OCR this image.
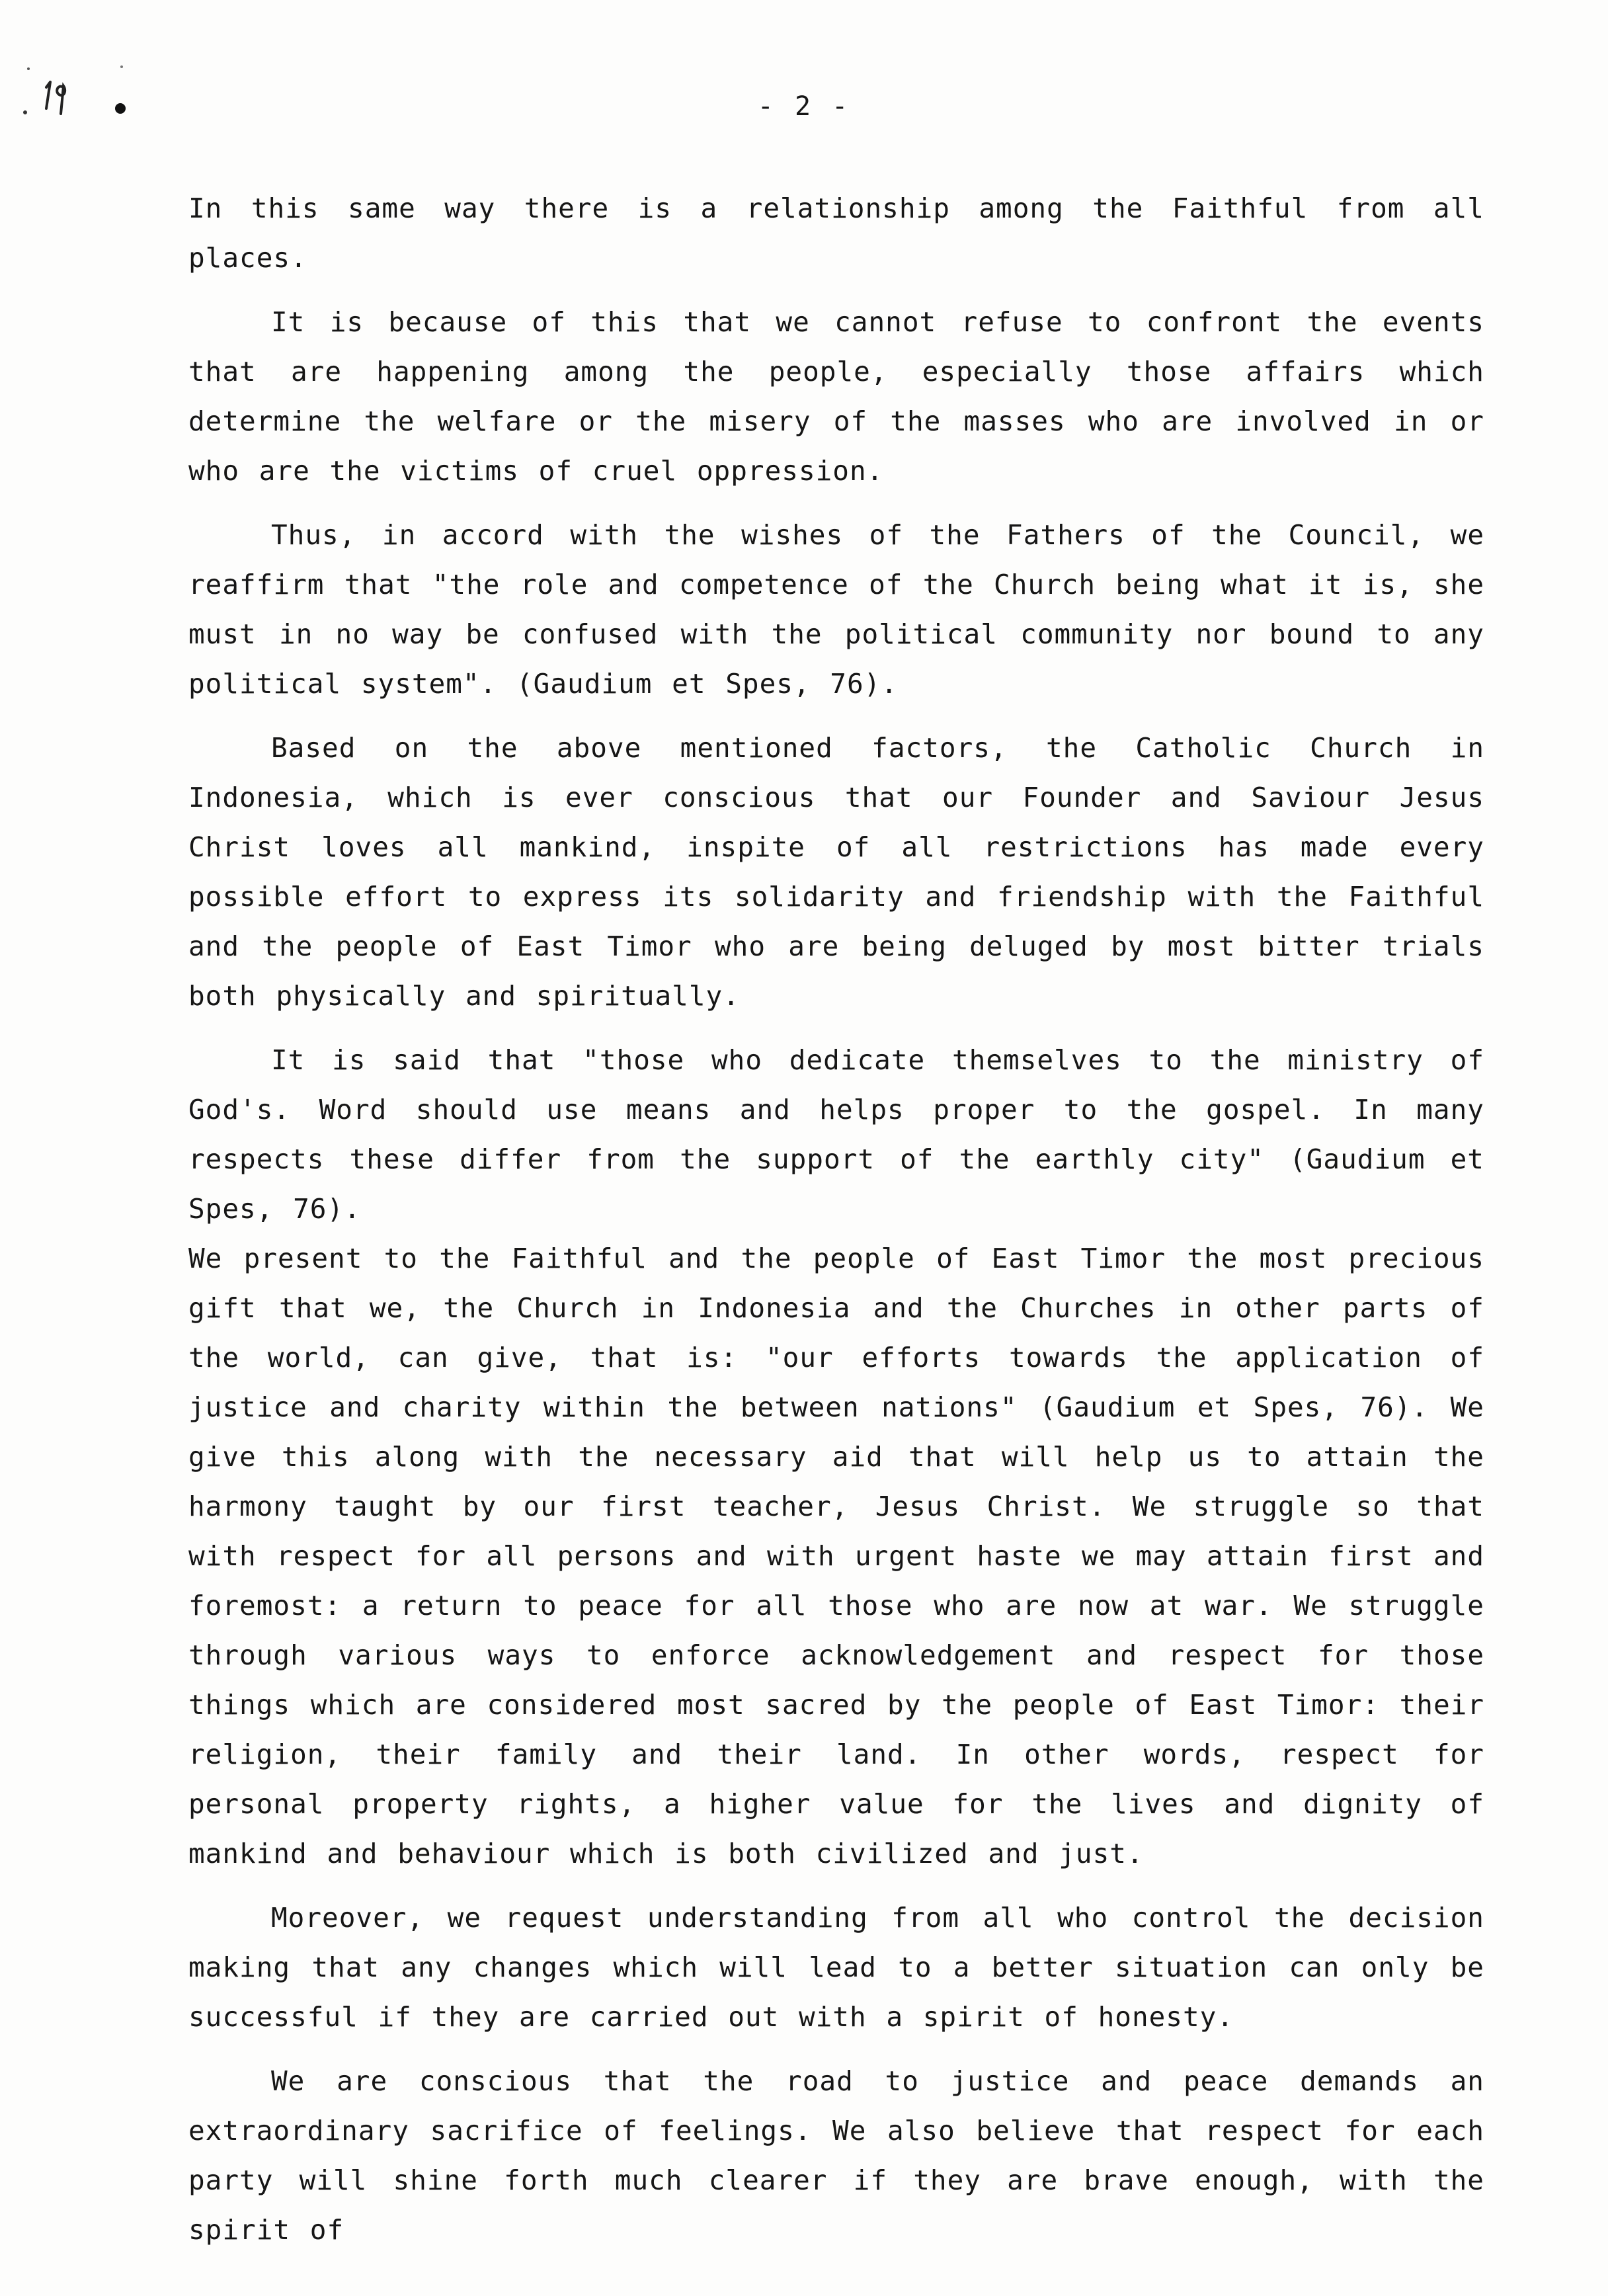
- 2 -

In this same way there is a relationship among the Faithful from all places.

It is because of this that we cannot refuse to confront the events that are happening among the people, especially those affairs which determine the welfare or the misery of the masses who are involved in or who are the victims of cruel oppression.

Thus, in accord with the wishes of the Fathers of the Council, we reaffirm that "the role and competence of the Church being what it is, she must in no way be confused with the political community nor bound to any political system". (Gaudium et Spes, 76).

Based on the above mentioned factors, the Catholic Church in Indonesia, which is ever conscious that our Founder and Saviour Jesus Christ loves all mankind, inspite of all restrictions has made every possible effort to express its solidarity and friendship with the Faithful and the people of East Timor who are being deluged by most bitter trials both physically and spiritually.

It is said that "those who dedicate themselves to the ministry of God's. Word should use means and helps proper to the gospel. In many respects these differ from the support of the earthly city" (Gaudium et Spes, 76).

We present to the Faithful and the people of East Timor the most precious gift that we, the Church in Indonesia and the Churches in other parts of the world, can give, that is: "our efforts towards the application of justice and charity within the between nations" (Gaudium et Spes, 76). We give this along with the necessary aid that will help us to attain the harmony taught by our first teacher, Jesus Christ. We struggle so that with respect for all persons and with urgent haste we may attain first and foremost: a return to peace for all those who are now at war. We struggle through various ways to enforce acknowledgement and respect for those things which are considered most sacred by the people of East Timor: their religion, their family and their land. In other words, respect for personal property rights, a higher value for the lives and dignity of mankind and behaviour which is both civilized and just.

Moreover, we request understanding from all who control the decision making that any changes which will lead to a better situation can only be successful if they are carried out with a spirit of honesty.

We are conscious that the road to justice and peace demands an extraordinary sacrifice of feelings. We also believe that respect for each party will shine forth much clearer if they are brave enough, with the spirit of
